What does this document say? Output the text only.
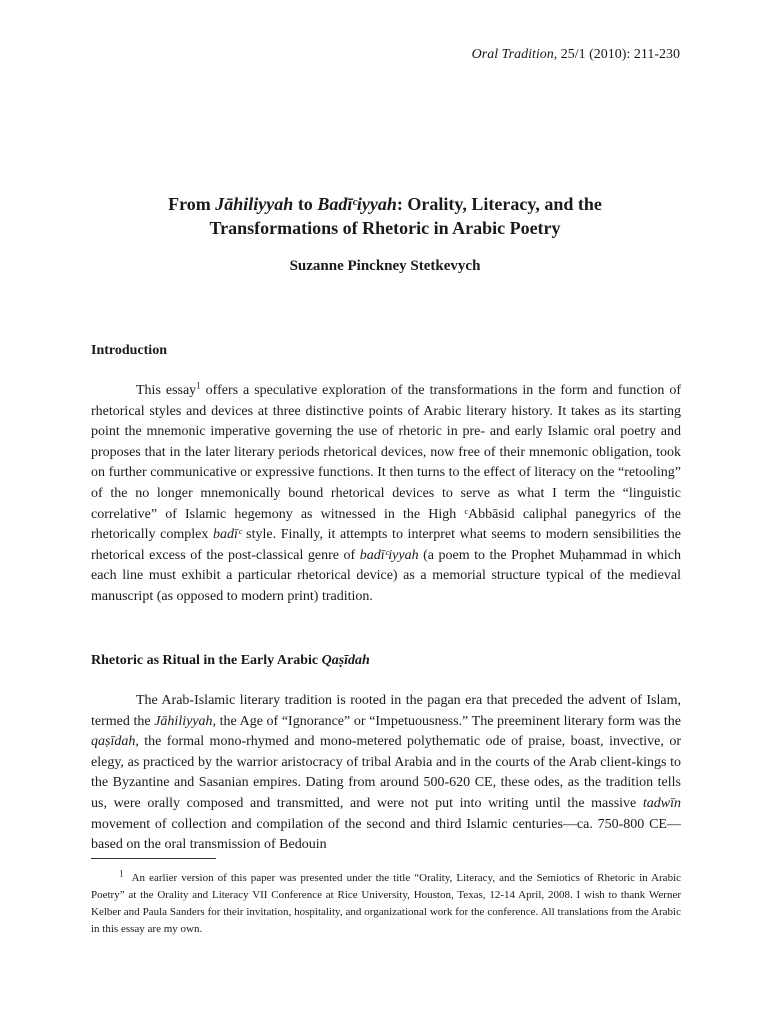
Oral Tradition, 25/1 (2010): 211-230
From Jāhiliyyah to Badīᶜiyyah: Orality, Literacy, and the
Transformations of Rhetoric in Arabic Poetry
Suzanne Pinckney Stetkevych
Introduction

This essay$^1$ offers a speculative exploration of the transformations in the form and function of rhetorical styles and devices at three distinctive points of Arabic literary history. It takes as its starting point the mnemonic imperative governing the use of rhetoric in pre- and early Islamic oral poetry and proposes that in the later literary periods rhetorical devices, now free of their mnemonic obligation, took on further communicative or expressive functions. It then turns to the effect of literacy on the “retooling” of the no longer mnemonically bound rhetorical devices to serve as what I term the “linguistic correlative” of Islamic hegemony as witnessed in the High ᶜAbbāsid caliphal panegyrics of the rhetorically complex badīᶜ style. Finally, it attempts to interpret what seems to modern sensibilities the rhetorical excess of the post-classical genre of badīᶜiyyah (a poem to the Prophet Muḥammad in which each line must exhibit a particular rhetorical device) as a memorial structure typical of the medieval manuscript (as opposed to modern print) tradition.

Rhetoric as Ritual in the Early Arabic Qaṣīdah

The Arab-Islamic literary tradition is rooted in the pagan era that preceded the advent of Islam, termed the Jāhiliyyah, the Age of “Ignorance” or “Impetuousness.” The preeminent literary form was the qaṣīdah, the formal mono-rhymed and mono-metered polythematic ode of praise, boast, invective, or elegy, as practiced by the warrior aristocracy of tribal Arabia and in the courts of the Arab client-kings to the Byzantine and Sasanian empires. Dating from around 500-620 CE, these odes, as the tradition tells us, were orally composed and transmitted, and were not put into writing until the massive tadwīn movement of collection and compilation of the second and third Islamic centuries—ca. 750-800 CE—based on the oral transmission of Bedouin

$^1$ An earlier version of this paper was presented under the title “Orality, Literacy, and the Semiotics of Rhetoric in Arabic Poetry” at the Orality and Literacy VII Conference at Rice University, Houston, Texas, 12-14 April, 2008. I wish to thank Werner Kelber and Paula Sanders for their invitation, hospitality, and organizational work for the conference. All translations from the Arabic in this essay are my own.
